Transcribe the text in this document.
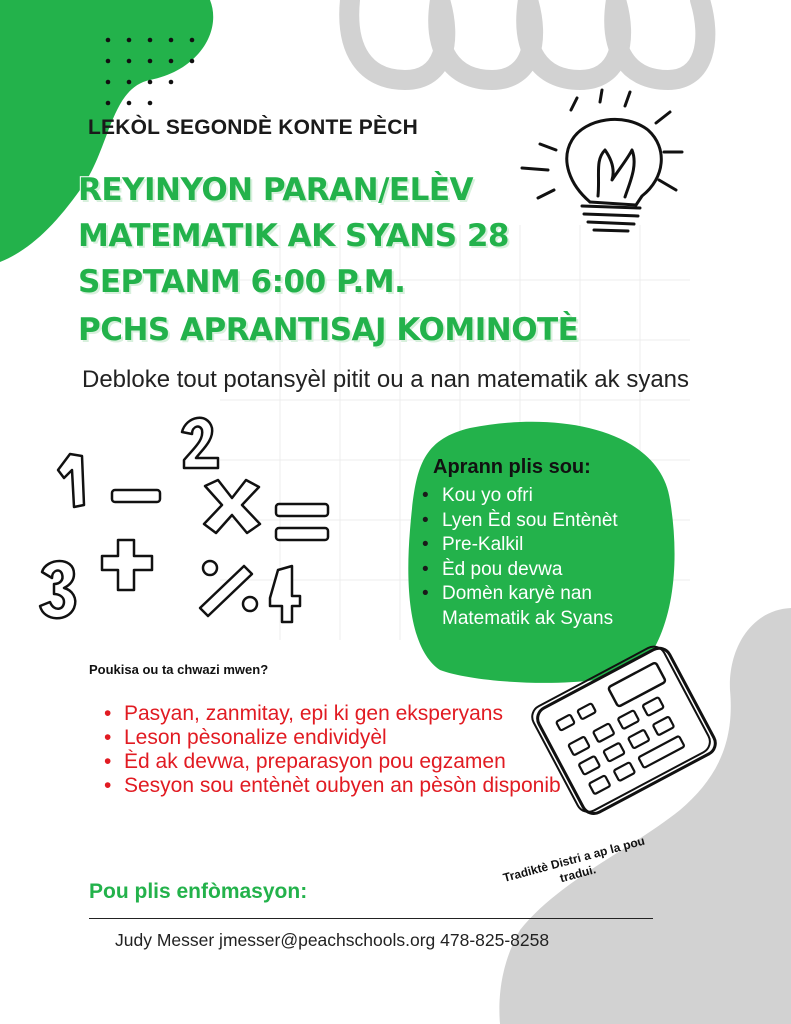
LEKÒL SEGONDÈ KONTE PÈCH
REYINYON PARAN/ELÈV
MATEMATIK AK SYANS 28
SEPTANM 6:00 P.M.
PCHS APRANTISAJ KOMINOTÈ
Debloke tout potansyèl pitit ou a nan matematik ak syans
Aprann plis sou:
• Kou yo ofri
• Lyen Èd sou Entènèt
• Pre-Kalkil
• Èd pou devwa
• Domèn karyè nan Matematik ak Syans
Poukisa ou ta chwazi mwen?
• Pasyan, zanmitay, epi ki gen eksperyans
• Leson pèsonalize endividyèl
• Èd ak devwa, preparasyon pou egzamen
• Sesyon sou entènèt oubyen an pèsòn disponib
Tradiktè Distri a ap la pou tradui.
Pou plis enfòmasyon:
Judy Messer jmesser@peachschools.org 478-825-8258
